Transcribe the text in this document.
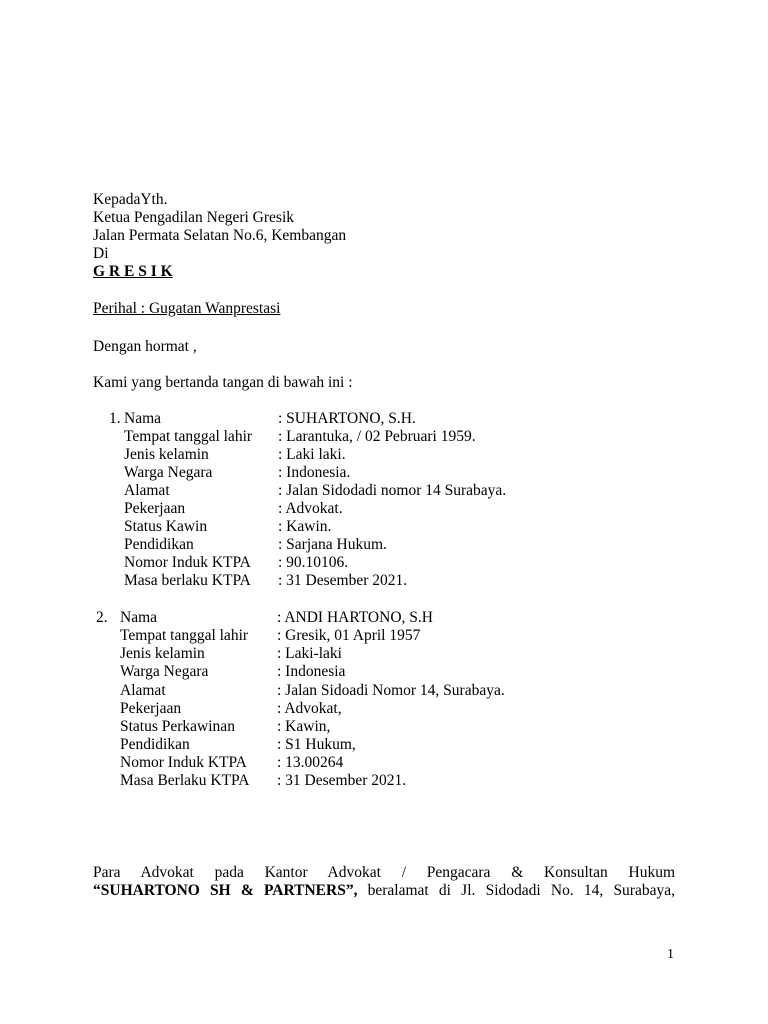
KepadaYth.
Ketua Pengadilan Negeri Gresik
Jalan Permata Selatan No.6, Kembangan
Di
G R E S I K
Perihal : Gugatan Wanprestasi
Dengan hormat ,
Kami yang bertanda tangan di bawah ini :
1. Nama	: SUHARTONO, S.H.
Tempat tanggal lahir : Larantuka, / 02 Pebruari 1959.
Jenis kelamin	: Laki laki.
Warga Negara	: Indonesia.
Alamat	: Jalan Sidodadi nomor 14 Surabaya.
Pekerjaan	: Advokat.
Status Kawin	: Kawin.
Pendidikan	: Sarjana Hukum.
Nomor Induk KTPA : 90.10106.
Masa berlaku KTPA : 31 Desember 2021.
2. Nama	: ANDI HARTONO, S.H
Tempat tanggal lahir : Gresik, 01 April 1957
Jenis kelamin	: Laki-laki
Warga Negara	: Indonesia
Alamat	: Jalan Sidoadi Nomor 14, Surabaya.
Pekerjaan	: Advokat,
Status Perkawinan	: Kawin,
Pendidikan	: S1 Hukum,
Nomor Induk KTPA : 13.00264
Masa Berlaku KTPA : 31 Desember 2021.
Para Advokat pada Kantor Advokat / Pengacara & Konsultan Hukum
“SUHARTONO SH & PARTNERS”, beralamat di Jl. Sidodadi No. 14, Surabaya,
1
